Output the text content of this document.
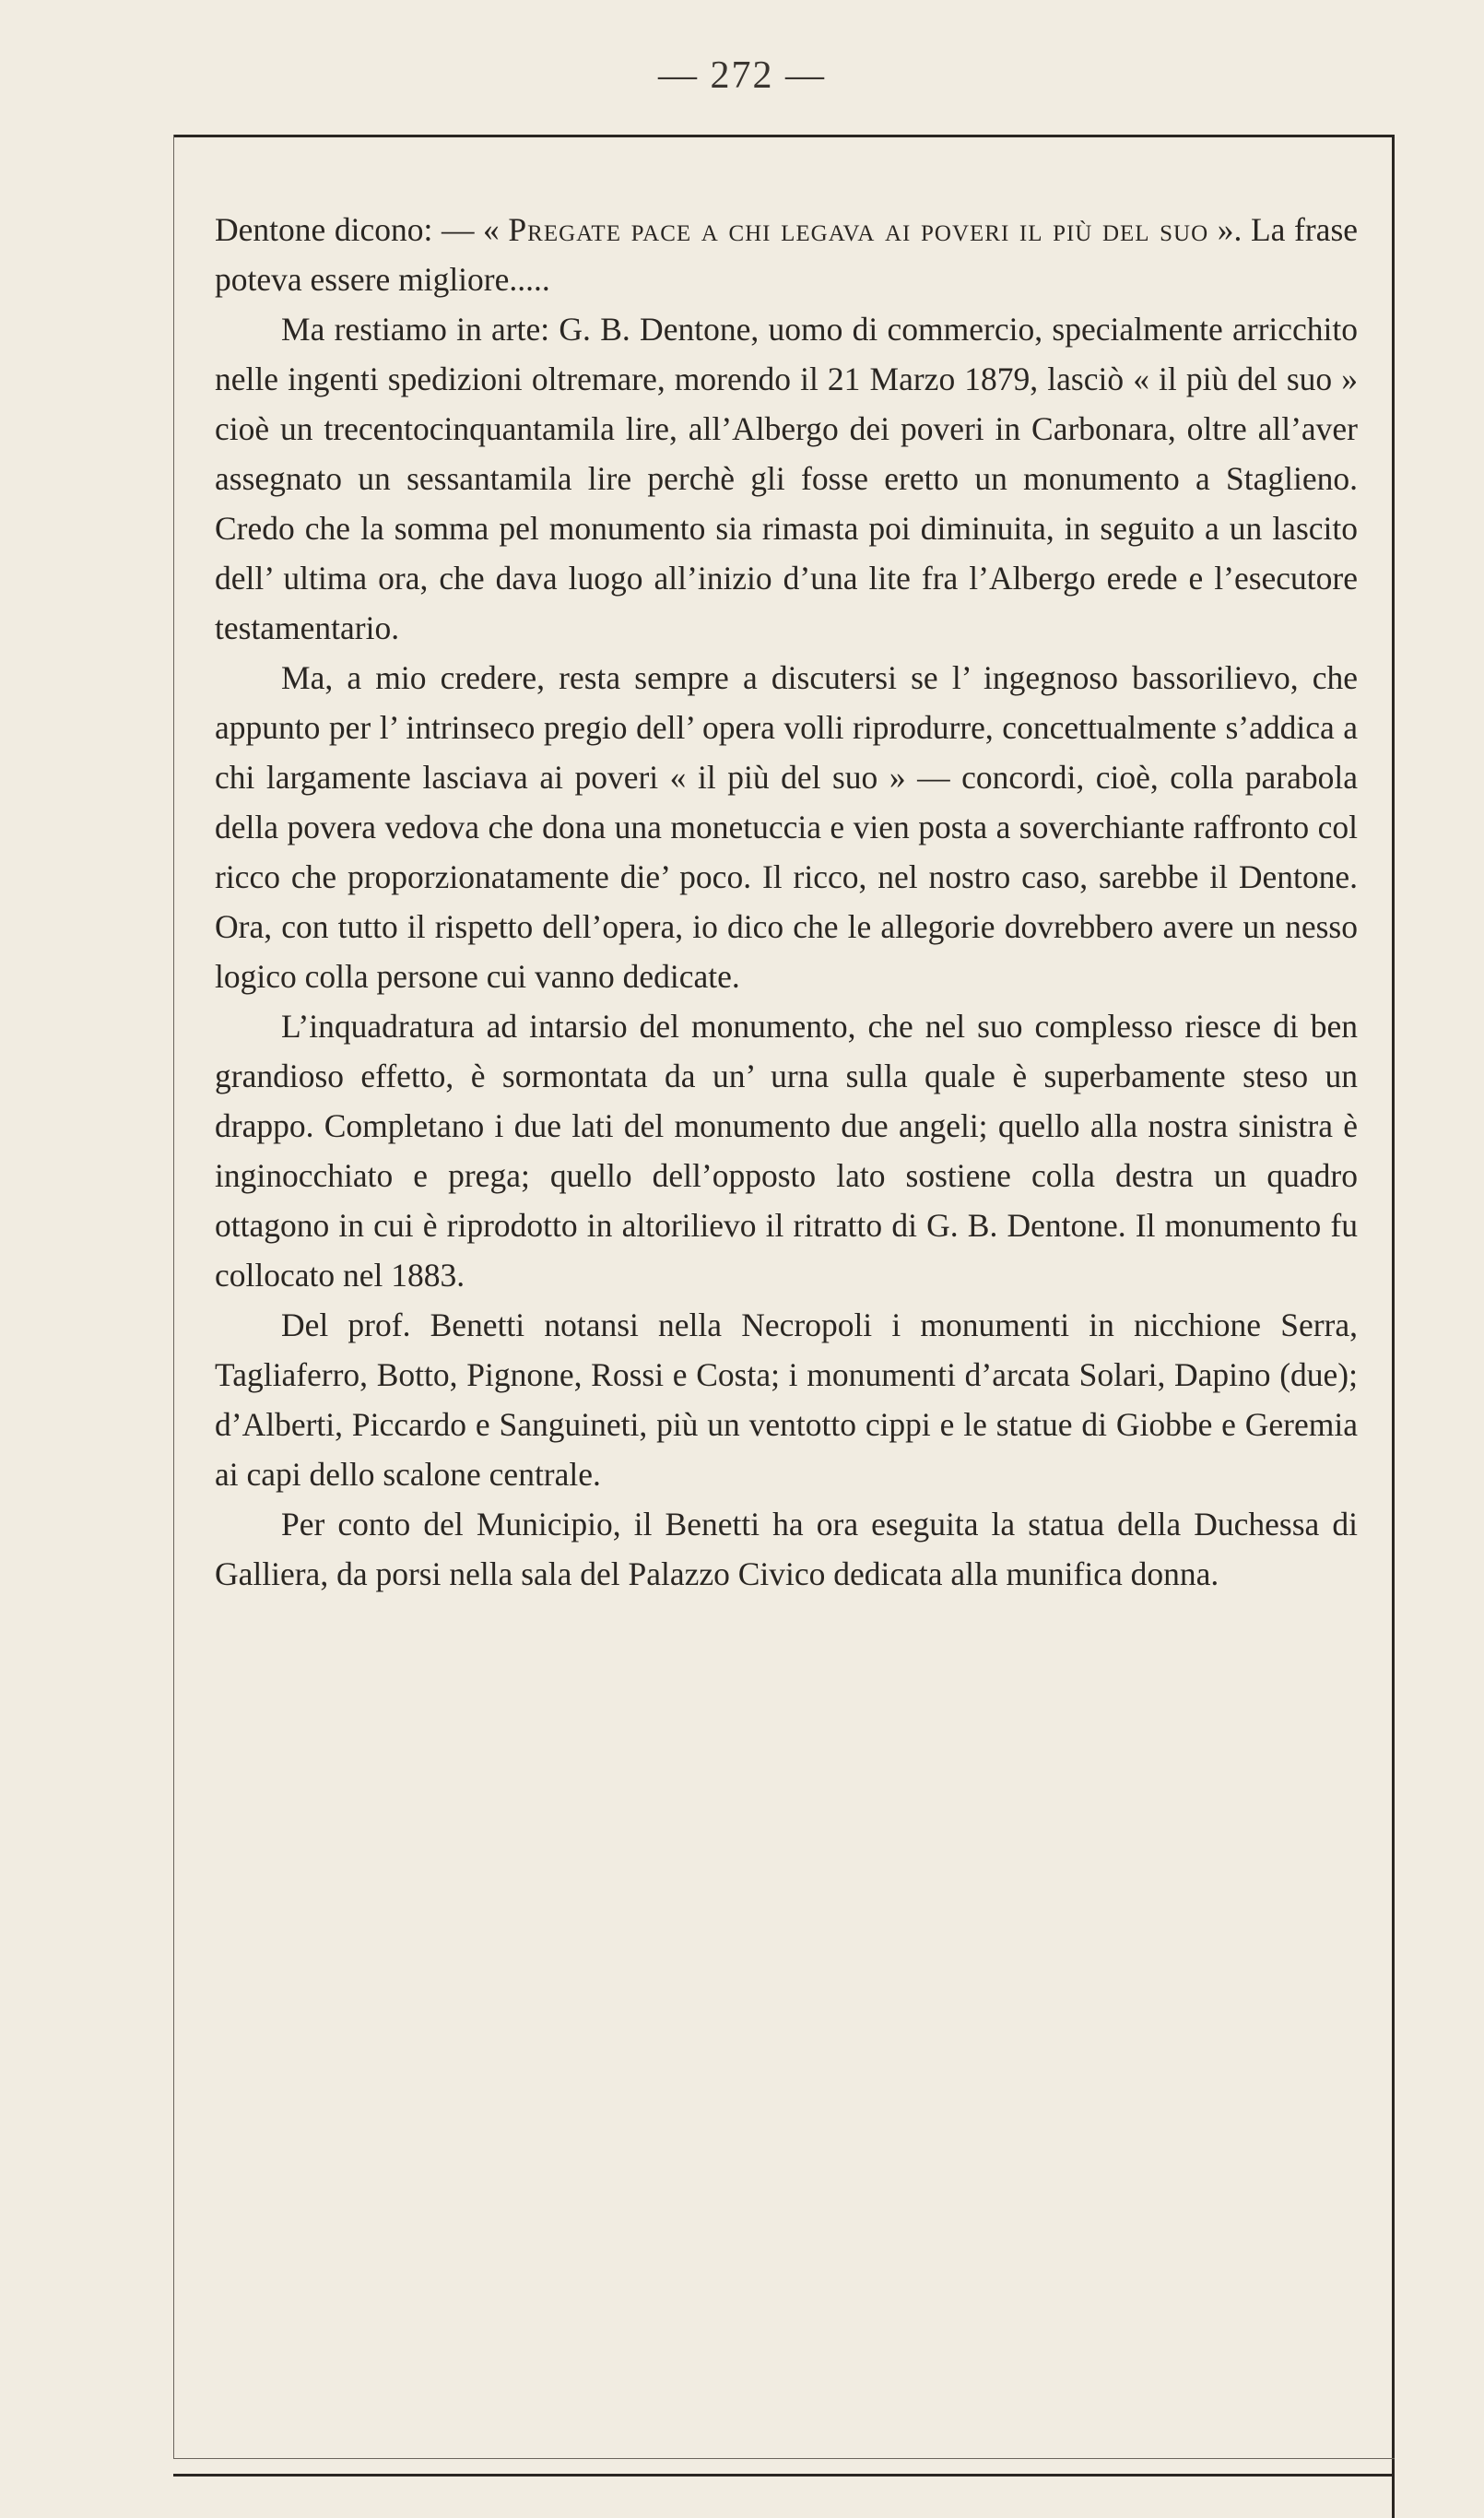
— 272 —

Dentone dicono: — « Pregate pace a chi legava ai poveri il più del suo ». La frase poteva essere migliore.....

Ma restiamo in arte: G. B. Dentone, uomo di commercio, specialmente arricchito nelle ingenti spedizioni oltremare, morendo il 21 Marzo 1879, lasciò « il più del suo » cioè un trecentocinquantamila lire, all’Albergo dei poveri in Carbonara, oltre all’aver assegnato un sessantamila lire perchè gli fosse eretto un monumento a Staglieno. Credo che la somma pel monumento sia rimasta poi diminuita, in seguito a un lascito dell’ ultima ora, che dava luogo all’inizio d’una lite fra l’Albergo erede e l’esecutore testamentario.

Ma, a mio credere, resta sempre a discutersi se l’ ingegnoso bassorilievo, che appunto per l’ intrinseco pregio dell’ opera volli riprodurre, concettualmente s’addica a chi largamente lasciava ai poveri « il più del suo » — concordi, cioè, colla parabola della povera vedova che dona una monetuccia e vien posta a soverchiante raffronto col ricco che proporzionatamente die’ poco. Il ricco, nel nostro caso, sarebbe il Dentone. Ora, con tutto il rispetto dell’opera, io dico che le allegorie dovrebbero avere un nesso logico colla persone cui vanno dedicate.

L’inquadratura ad intarsio del monumento, che nel suo complesso riesce di ben grandioso effetto, è sormontata da un’ urna sulla quale è superbamente steso un drappo. Completano i due lati del monumento due angeli; quello alla nostra sinistra è inginocchiato e prega; quello dell’opposto lato sostiene colla destra un quadro ottagono in cui è riprodotto in altorilievo il ritratto di G. B. Dentone. Il monumento fu collocato nel 1883.

Del prof. Benetti notansi nella Necropoli i monumenti in nicchione Serra, Tagliaferro, Botto, Pignone, Rossi e Costa; i monumenti d’arcata Solari, Dapino (due); d’Alberti, Piccardo e Sanguineti, più un ventotto cippi e le statue di Giobbe e Geremia ai capi dello scalone centrale.

Per conto del Municipio, il Benetti ha ora eseguita la statua della Duchessa di Galliera, da porsi nella sala del Palazzo Civico dedicata alla munifica donna.
